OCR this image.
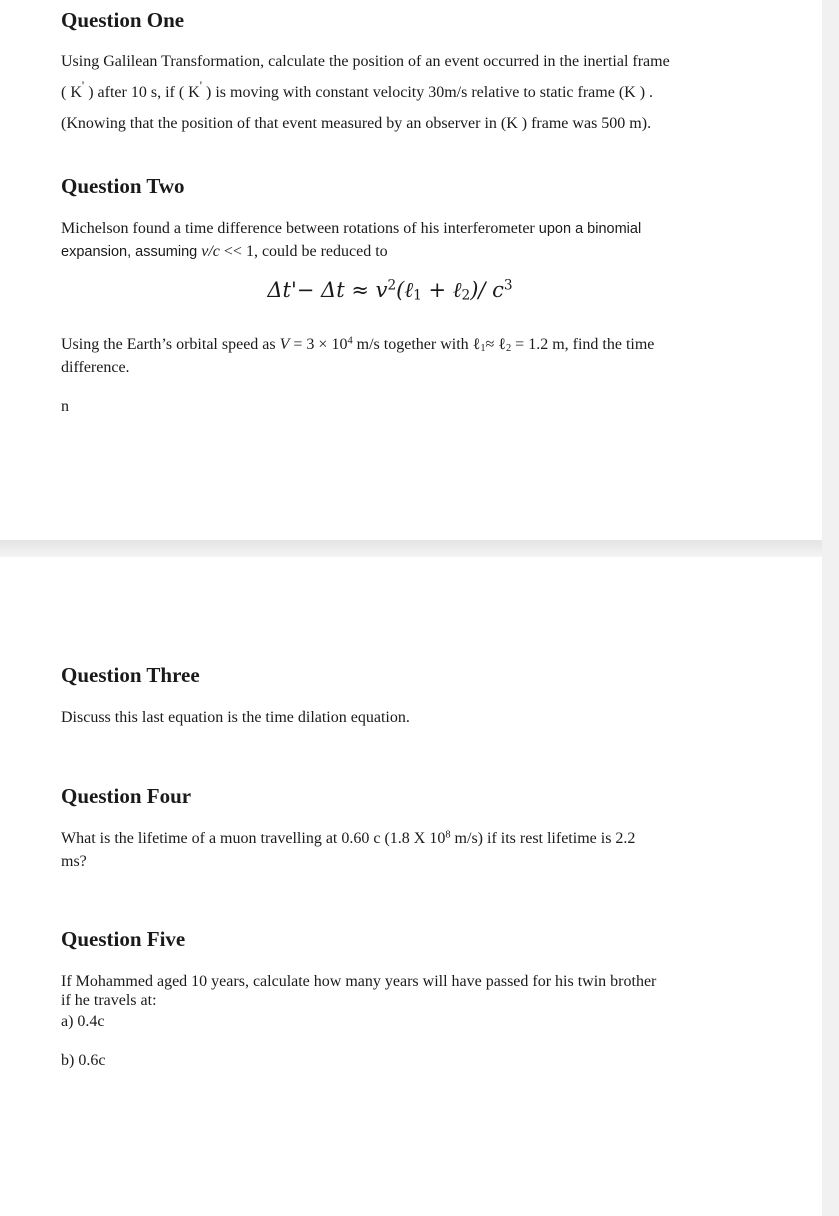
Question One

Using Galilean Transformation, calculate the position of an event occurred in the inertial frame

( K' ) after 10 s, if ( K' ) is moving with constant velocity 30m/s relative to static frame (K ) .

(Knowing that the position of that event measured by an observer in (K ) frame was 500 m).

Question Two

Michelson found a time difference between rotations of his interferometer upon a binomial

expansion, assuming v/c << 1, could be reduced to

$\Delta t'- \Delta t \approx v^2(\ell_1$ + ℓ$_2$)/ $c^3$

Using the Earth’s orbital speed as $V = 3 \times 10^4$ m/s together with ℓ$_1$≈ ℓ$_2$ = 1.2 m, find the time

difference.

n

Question Three

Discuss this last equation is the time dilation equation.

Question Four

What is the lifetime of a muon travelling at 0.60 c (1.8 X $10^8$ m/s) if its rest lifetime is 2.2

ms?

Question Five

If Mohammed aged 10 years, calculate how many years will have passed for his twin brother

if he travels at:

a) 0.4c

b) 0.6c
